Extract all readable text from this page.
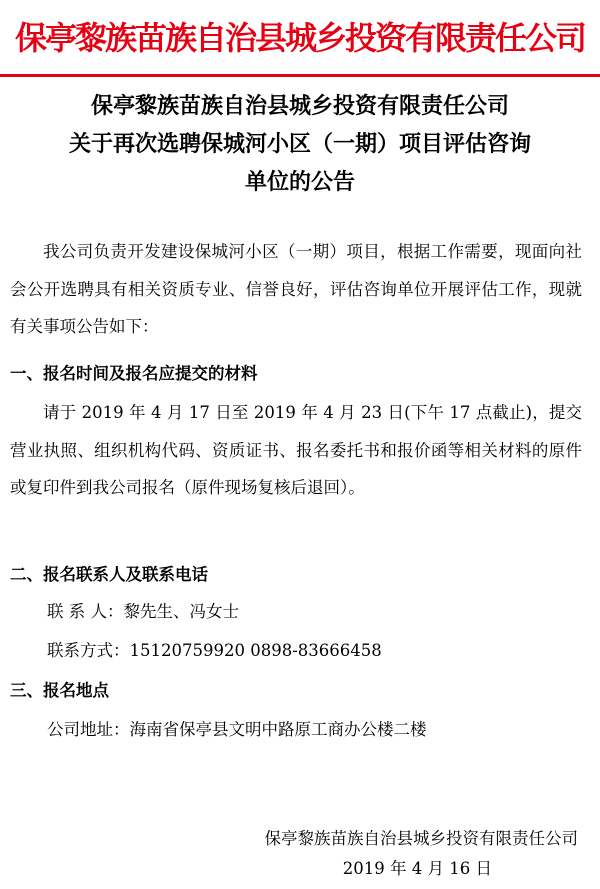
保亭黎族苗族自治县城乡投资有限责任公司
保亭黎族苗族自治县城乡投资有限责任公司
关于再次选聘保城河小区（一期）项目评估咨询
单位的公告
我公司负责开发建设保城河小区（一期）项目，根据工作需要，现面向社会公开选聘具有相关资质专业、信誉良好，评估咨询单位开展评估工作，现就有关事项公告如下：
一、报名时间及报名应提交的材料
请于 2019 年 4 月 17 日至 2019 年 4 月 23 日(下午 17 点截止)，提交营业执照、组织机构代码、资质证书、报名委托书和报价函等相关材料的原件或复印件到我公司报名（原件现场复核后退回）。
二、报名联系人及联系电话
联 系 人：黎先生、冯女士
联系方式：15120759920 0898-83666458
三、报名地点
公司地址：海南省保亭县文明中路原工商办公楼二楼
保亭黎族苗族自治县城乡投资有限责任公司
2019 年 4 月 16 日
